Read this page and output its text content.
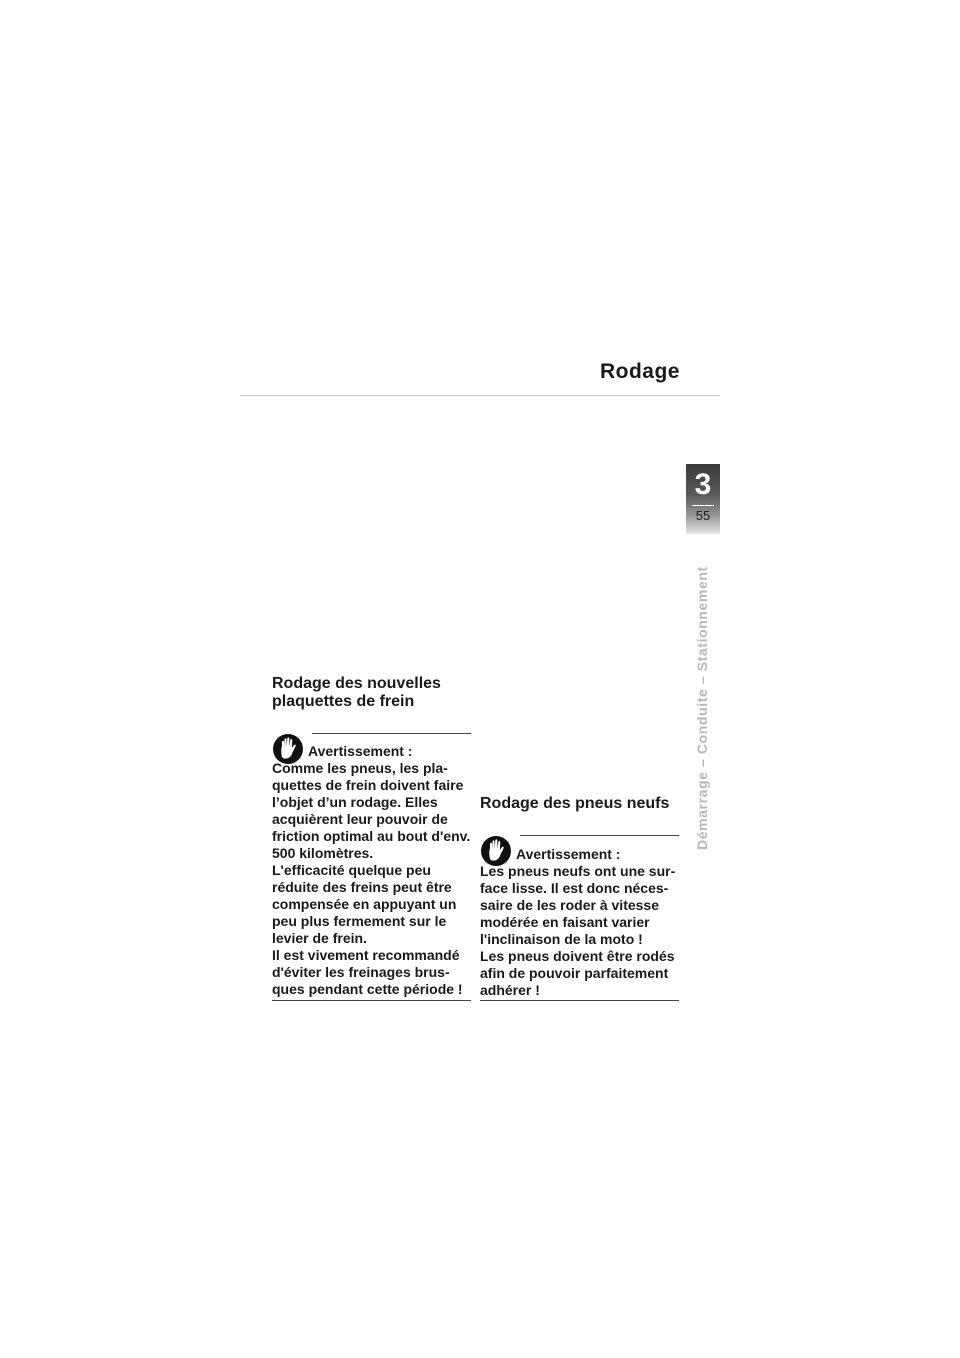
Rodage
3
55
Démarrage – Conduite – Stationnement
Rodage des nouvelles
plaquettes de frein
Avertissement :
Comme les pneus, les pla-
quettes de frein doivent faire
l’objet d’un rodage. Elles
acquièrent leur pouvoir de
friction optimal au bout d'env.
500 kilomètres.
L'efficacité quelque peu
réduite des freins peut être
compensée en appuyant un
peu plus fermement sur le
levier de frein.
Il est vivement recommandé
d'éviter les freinages brus-
ques pendant cette période !
Rodage des pneus neufs
Avertissement :
Les pneus neufs ont une sur-
face lisse. Il est donc néces-
saire de les roder à vitesse
modérée en faisant varier
l'inclinaison de la moto !
Les pneus doivent être rodés
afin de pouvoir parfaitement
adhérer !
